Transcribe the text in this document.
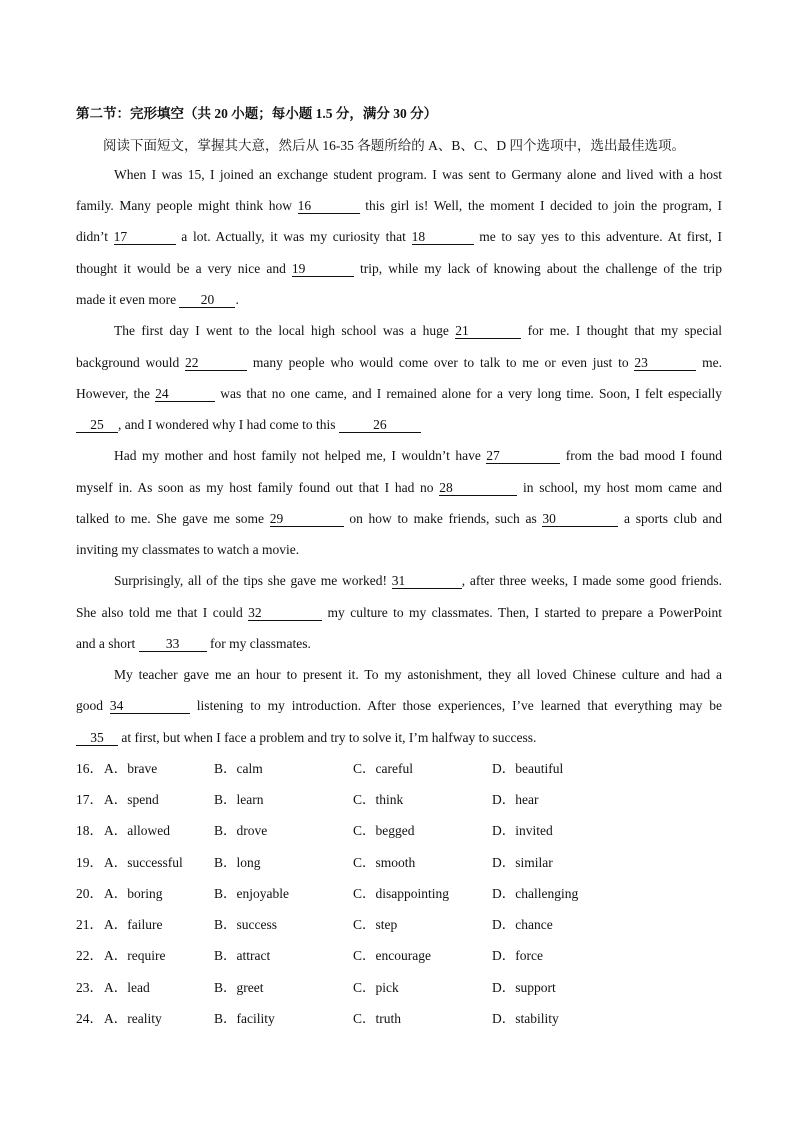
第二节：完形填空（共 20 小题；每小题 1.5 分，满分 30 分）
阅读下面短文，掌握其大意，然后从 16-35 各题所给的 A、B、C、D 四个选项中，选出最佳选项。
When I was 15, I joined an exchange student program. I was sent to Germany alone and lived with a host
family. Many people might think how 16	this girl is! Well, the moment I decided to join the program, I
didn’t 17	a lot. Actually, it was my curiosity that 18	me to say yes to this adventure. At first, I
thought it would be a very nice and 19	trip, while my lack of knowing about the challenge of the trip
made it even more 20 .
The first day I went to the local high school was a huge 21	for me. I thought that my special
background would 22	many people who would come over to talk to me or even just to 23	me.
However, the 24	was that no one came, and I remained alone for a very long time. Soon, I felt especially
25 , and I wondered why I had come to this	26
Had my mother and host family not helped me, I wouldn’t have 27	from the bad mood I found
myself in. As soon as my host family found out that I had no 28	in school, my host mom came and
talked to me. She gave me some 29	on how to make friends, such as 30	a sports club and
inviting my classmates to watch a movie.
Surprisingly, all of the tips she gave me worked! 31	, after three weeks, I made some good friends.
She also told me that I could 32	my culture to my classmates. Then, I started to prepare a PowerPoint
and a short 33 for my classmates.
My teacher gave me an hour to present it. To my astonishment, they all loved Chinese culture and had a
good 34	listening to my introduction. After those experiences, I’ve learned that everything may be
35 at first, but when I face a problem and try to solve it, I’m halfway to success.
16． A．brave	B．calm	C．careful	D．beautiful
17． A．spend	B．learn	C．think	D．hear
18． A．allowed	B．drove	C．begged	D．invited
19． A．successful B．long	C．smooth	D．similar
20． A．boring	B．enjoyable	C．disappointing	D．challenging
21． A．failure	B．success	C．step	D．chance
22． A．require	B．attract	C．encourage	D．force
23． A．lead	B．greet	C．pick	D．support
24． A．reality	B．facility	C．truth	D．stability
